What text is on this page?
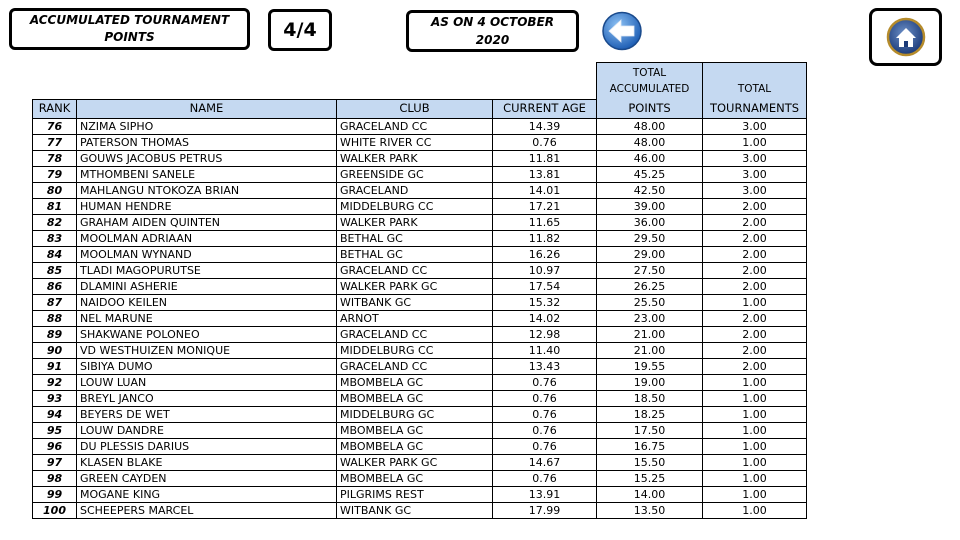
ACCUMULATED TOURNAMENT
POINTS	4/4	AS ON 4 OCTOBER
2020

				TOTAL
ACCUMULATED	TOTAL

RANK	NAME	CLUB	CURRENT AGE	POINTS	TOURNAMENTS
76	NZIMA SIPHO	GRACELAND CC	14.39	48.00	3.00
77	PATERSON THOMAS	WHITE RIVER CC	0.76	48.00	1.00
78	GOUWS JACOBUS PETRUS	WALKER PARK	11.81	46.00	3.00
79	MTHOMBENI SANELE	GREENSIDE GC	13.81	45.25	3.00
80	MAHLANGU NTOKOZA BRIAN	GRACELAND	14.01	42.50	3.00
81	HUMAN HENDRE	MIDDELBURG CC	17.21	39.00	2.00
82	GRAHAM AIDEN QUINTEN	WALKER PARK	11.65	36.00	2.00
83	MOOLMAN ADRIAAN	BETHAL GC	11.82	29.50	2.00
84	MOOLMAN WYNAND	BETHAL GC	16.26	29.00	2.00
85	TLADI MAGOPURUTSE	GRACELAND CC	10.97	27.50	2.00
86	DLAMINI ASHERIE	WALKER PARK GC	17.54	26.25	2.00
87	NAIDOO KEILEN	WITBANK GC	15.32	25.50	1.00
88	NEL MARUNE	ARNOT	14.02	23.00	2.00
89	SHAKWANE POLONEO	GRACELAND CC	12.98	21.00	2.00
90	VD WESTHUIZEN MONIQUE	MIDDELBURG CC	11.40	21.00	2.00
91	SIBIYA DUMO	GRACELAND CC	13.43	19.55	2.00
92	LOUW LUAN	MBOMBELA GC	0.76	19.00	1.00
93	BREYL JANCO	MBOMBELA GC	0.76	18.50	1.00
94	BEYERS DE WET	MIDDELBURG GC	0.76	18.25	1.00
95	LOUW DANDRE	MBOMBELA GC	0.76	17.50	1.00
96	DU PLESSIS DARIUS	MBOMBELA GC	0.76	16.75	1.00
97	KLASEN BLAKE	WALKER PARK GC	14.67	15.50	1.00
98	GREEN CAYDEN	MBOMBELA GC	0.76	15.25	1.00
99	MOGANE KING	PILGRIMS REST	13.91	14.00	1.00
100	SCHEEPERS MARCEL	WITBANK GC	17.99	13.50	1.00
